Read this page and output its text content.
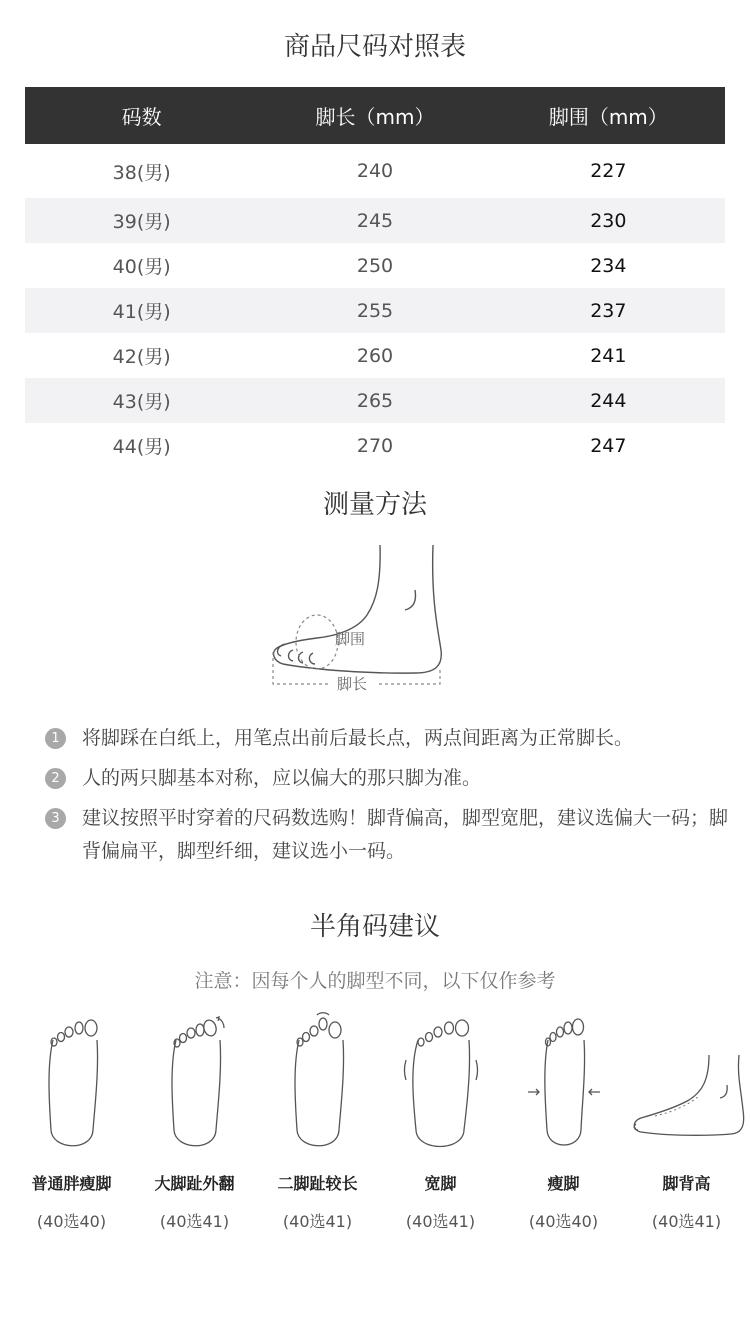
商品尺码对照表
码数	脚长（mm）	脚围（mm）
38(男)	240	227
39(男)	245	230
40(男)	250	234
41(男)	255	237
42(男)	260	241
43(男)	265	244
44(男)	270	247
测量方法
脚围
脚长
1	将脚踩在白纸上，用笔点出前后最长点，两点间距离为正常脚长。
2	人的两只脚基本对称，应以偏大的那只脚为准。
3	建议按照平时穿着的尺码数选购！脚背偏高，脚型宽肥，建议选偏大一码；脚背偏扁平，脚型纤细，建议选小一码。
半角码建议
注意：因每个人的脚型不同，以下仅作参考
普通胖瘦脚
(40选40)
大脚趾外翻
(40选41)
二脚趾较长
(40选41)
宽脚
(40选41)
瘦脚
(40选40)
脚背高
(40选41)
